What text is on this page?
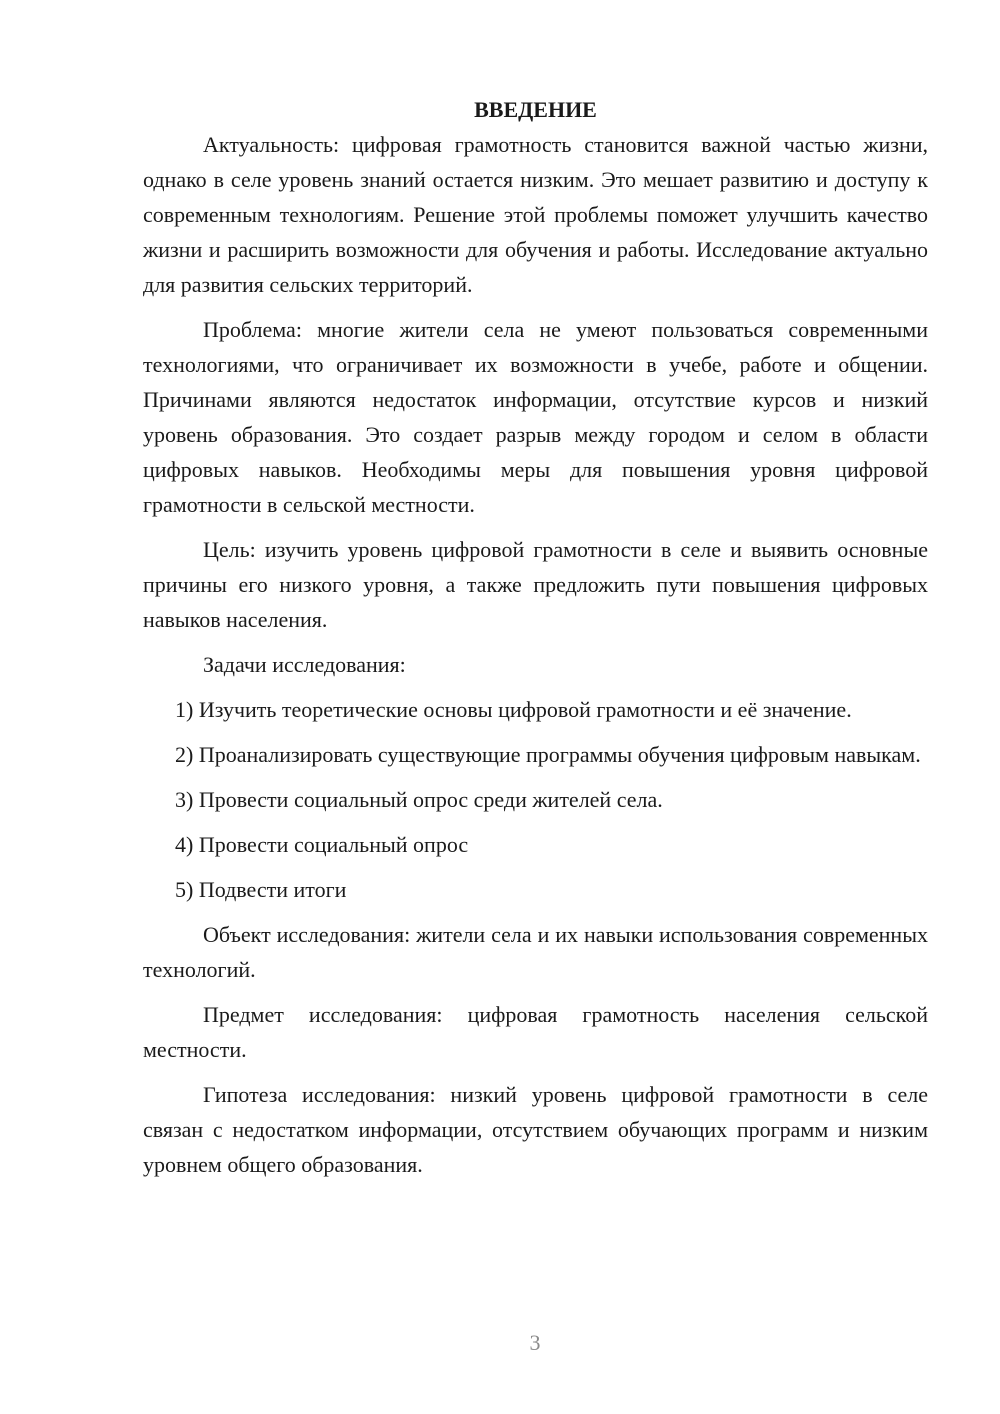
ВВЕДЕНИЕ

Актуальность: цифровая грамотность становится важной частью жизни, однако в селе уровень знаний остается низким. Это мешает развитию и доступу к современным технологиям. Решение этой проблемы поможет улучшить качество жизни и расширить возможности для обучения и работы. Исследование актуально для развития сельских территорий.

Проблема: многие жители села не умеют пользоваться современными технологиями, что ограничивает их возможности в учебе, работе и общении. Причинами являются недостаток информации, отсутствие курсов и низкий уровень образования. Это создает разрыв между городом и селом в области цифровых навыков. Необходимы меры для повышения уровня цифровой грамотности в сельской местности.

Цель: изучить уровень цифровой грамотности в селе и выявить основные причины его низкого уровня, а также предложить пути повышения цифровых навыков населения.

Задачи исследования:

1) Изучить теоретические основы цифровой грамотности и её значение.

2) Проанализировать существующие программы обучения цифровым навыкам.

3) Провести социальный опрос среди жителей села.

4) Провести социальный опрос

5) Подвести итоги

Объект исследования: жители села и их навыки использования современных технологий.

Предмет исследования: цифровая грамотность населения сельской местности.

Гипотеза исследования: низкий уровень цифровой грамотности в селе связан с недостатком информации, отсутствием обучающих программ и низким уровнем общего образования.

3
